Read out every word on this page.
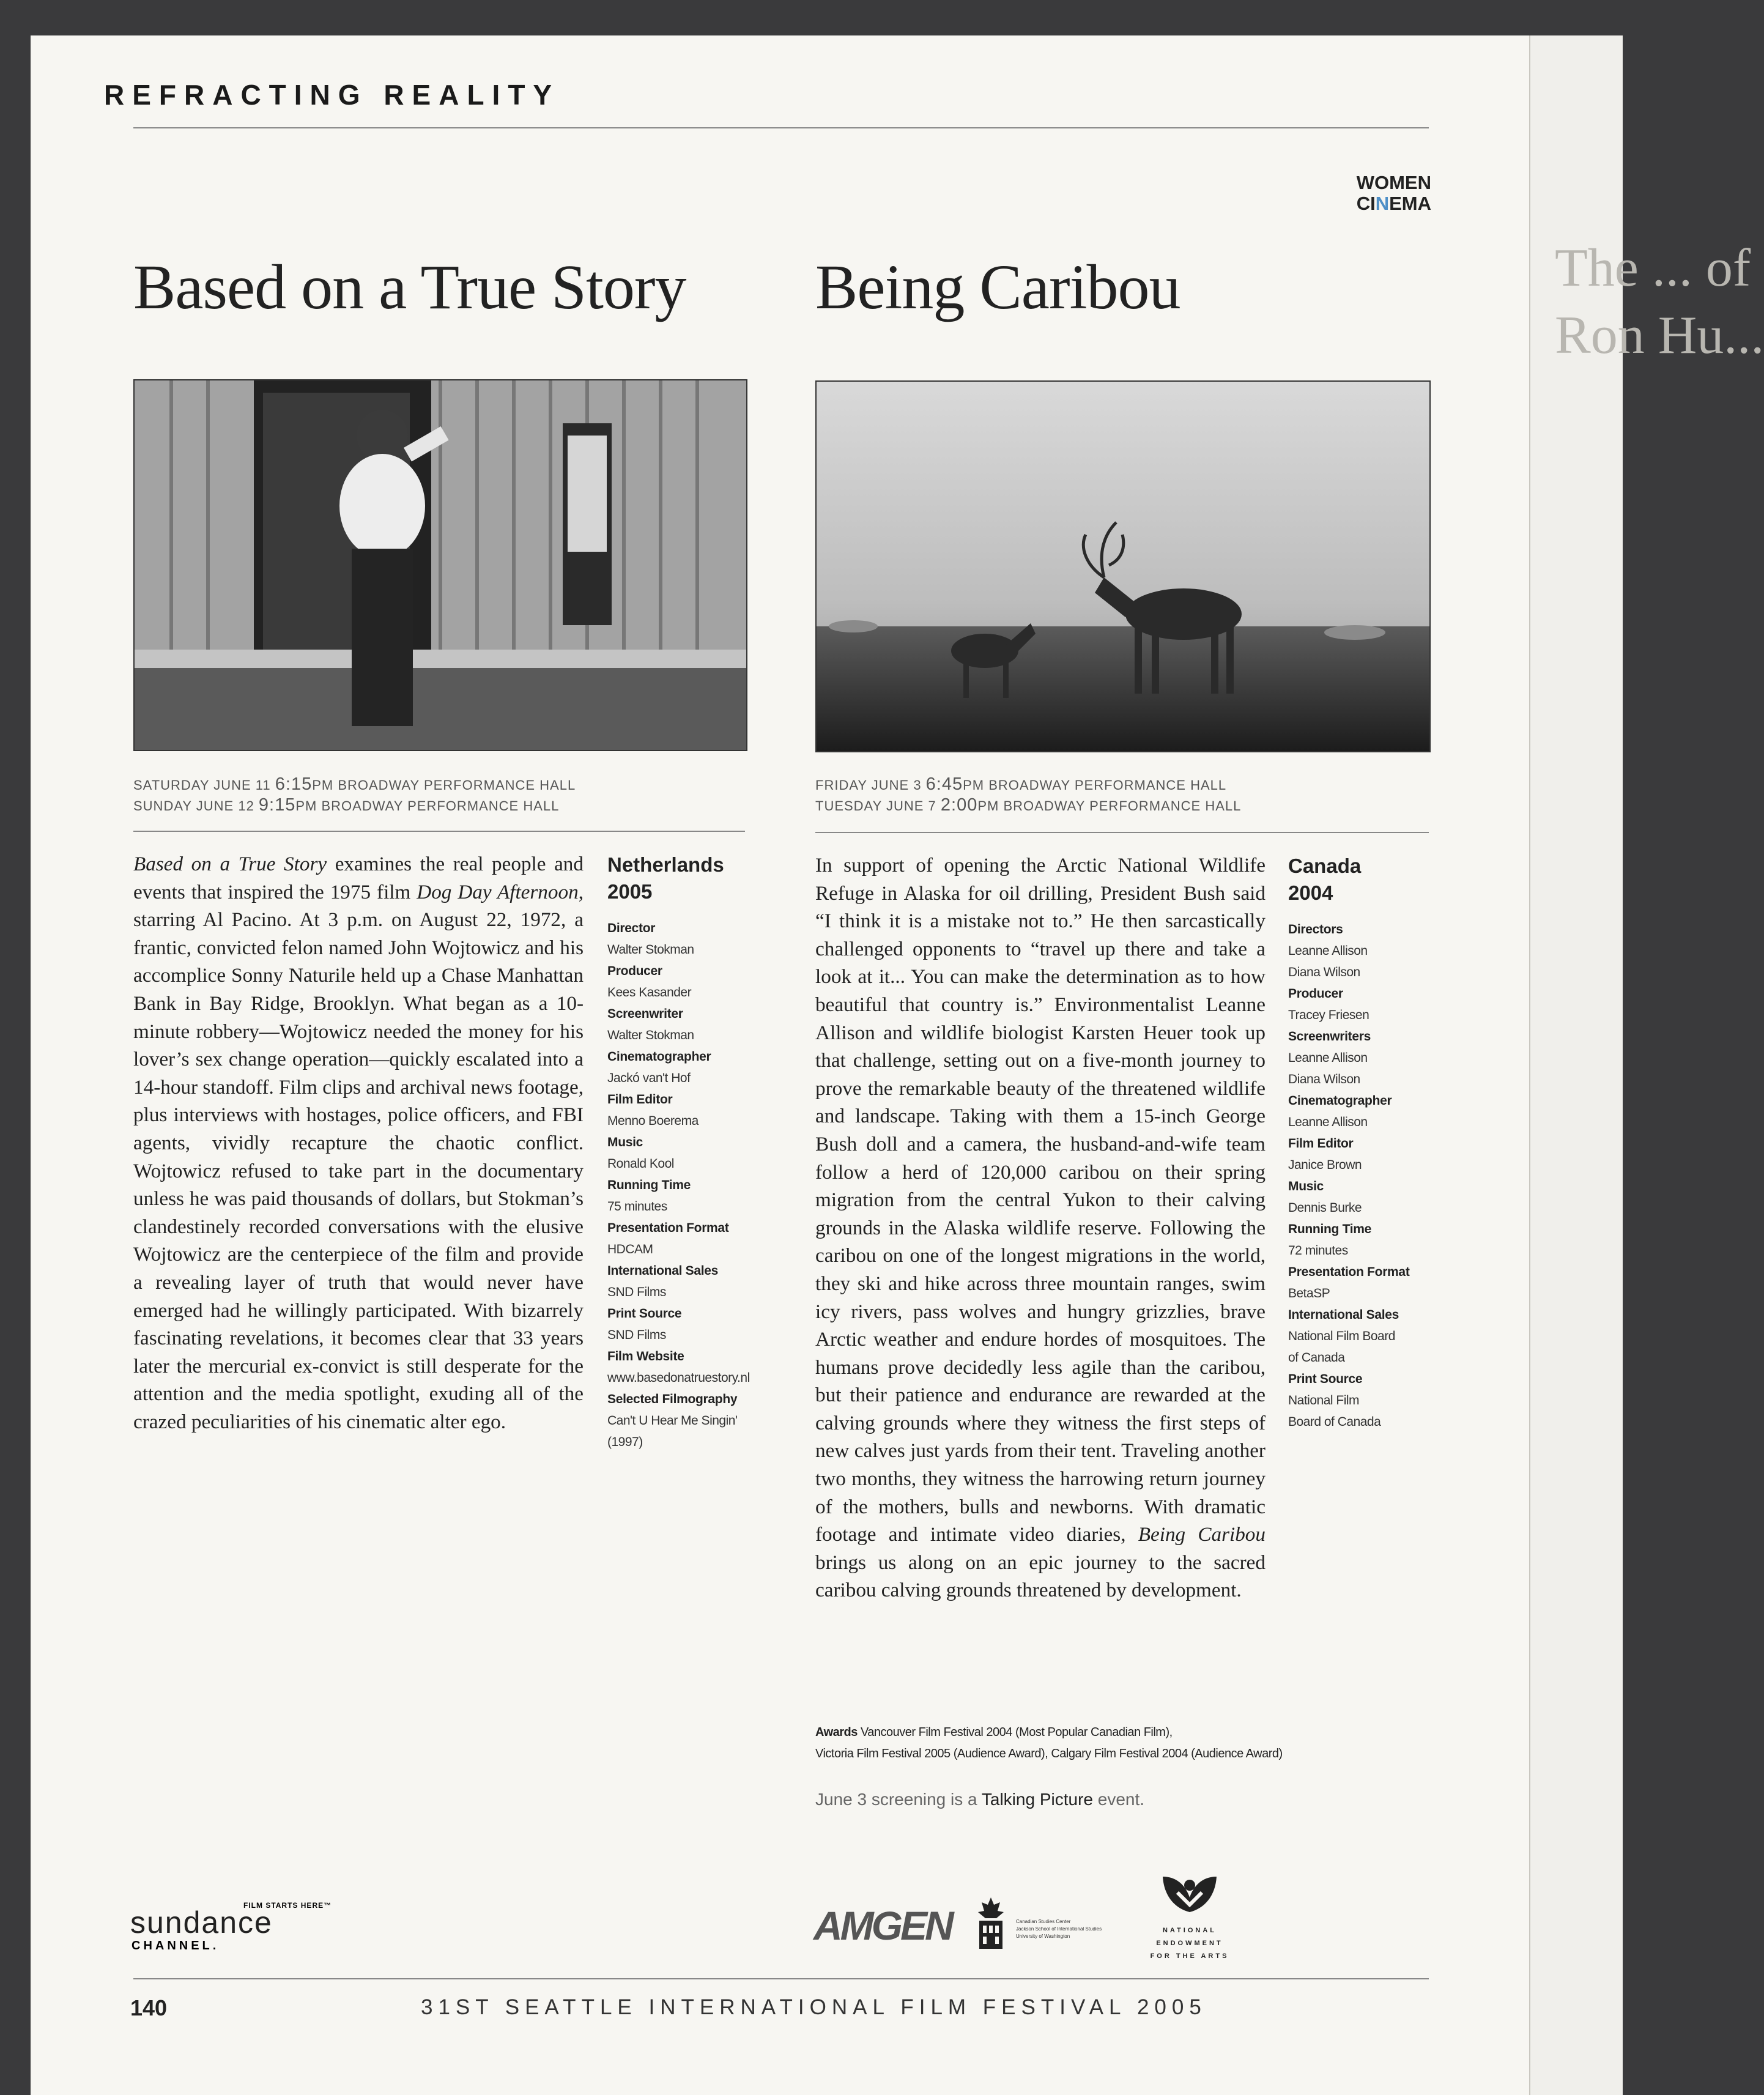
The ... of
Ron Hu...
REFRACTING REALITY
WOMEN
CINEMA
Based on a True Story Being Caribou
SATURDAY JUNE 11 6:15PM BROADWAY PERFORMANCE HALL
SUNDAY JUNE 12 9:15PM BROADWAY PERFORMANCE HALL
FRIDAY JUNE 3 6:45PM BROADWAY PERFORMANCE HALL
TUESDAY JUNE 7 2:00PM BROADWAY PERFORMANCE HALL
Based on a True Story examines the real people and events that inspired the 1975 film Dog Day Afternoon, starring Al Pacino. At 3 p.m. on August 22, 1972, a frantic, convicted felon named John Wojtowicz and his accomplice Sonny Naturile held up a Chase Manhattan Bank in Bay Ridge, Brooklyn. What began as a 10-minute robbery—Wojtowicz needed the money for his lover’s sex change operation—quickly escalated into a 14-hour standoff. Film clips and archival news footage, plus interviews with hostages, police officers, and FBI agents, vividly recapture the chaotic conflict. Wojtowicz refused to take part in the documentary unless he was paid thousands of dollars, but Stokman’s clandestinely recorded conversations with the elusive Wojtowicz are the centerpiece of the film and provide a revealing layer of truth that would never have emerged had he willingly participated. With bizarrely fascinating revelations, it becomes clear that 33 years later the mercurial ex-convict is still desperate for the attention and the media spotlight, exuding all of the crazed peculiarities of his cinematic alter ego.
Netherlands
2005
Director
Walter Stokman
Producer
Kees Kasander
Screenwriter
Walter Stokman
Cinematographer
Jackó van't Hof
Film Editor
Menno Boerema
Music
Ronald Kool
Running Time
75 minutes
Presentation Format
HDCAM
International Sales
SND Films
Print Source
SND Films
Film Website
www.basedonatruestory.nl
Selected Filmography
Can't U Hear Me Singin' (1997)
In support of opening the Arctic National Wildlife Refuge in Alaska for oil drilling, President Bush said “I think it is a mistake not to.” He then sarcastically challenged opponents to “travel up there and take a look at it... You can make the determination as to how beautiful that country is.” Environmentalist Leanne Allison and wildlife biologist Karsten Heuer took up that challenge, setting out on a five-month journey to prove the remarkable beauty of the threatened wildlife and landscape. Taking with them a 15-inch George Bush doll and a camera, the husband-and-wife team follow a herd of 120,000 caribou on their spring migration from the central Yukon to their calving grounds in the Alaska wildlife reserve. Following the caribou on one of the longest migrations in the world, they ski and hike across three mountain ranges, swim icy rivers, pass wolves and hungry grizzlies, brave Arctic weather and endure hordes of mosquitoes. The humans prove decidedly less agile than the caribou, but their patience and endurance are rewarded at the calving grounds where they witness the first steps of new calves just yards from their tent. Traveling another two months, they witness the harrowing return journey of the mothers, bulls and newborns. With dramatic footage and intimate video diaries, Being Caribou brings us along on an epic journey to the sacred caribou calving grounds threatened by development.
Canada
2004
Directors
Leanne Allison
Diana Wilson
Producer
Tracey Friesen
Screenwriters
Leanne Allison
Diana Wilson
Cinematographer
Leanne Allison
Film Editor
Janice Brown
Music
Dennis Burke
Running Time
72 minutes
Presentation Format
BetaSP
International Sales
National Film Board
of Canada
Print Source
National Film
Board of Canada
Awards Vancouver Film Festival 2004 (Most Popular Canadian Film),
Victoria Film Festival 2005 (Audience Award), Calgary Film Festival 2004 (Audience Award)
June 3 screening is a Talking Picture event.
FILM STARTS HERE™
sundance
CHANNEL.	AMGEN	Canadian Studies Center
Jackson School of International Studies
University of Washington
NATIONAL
ENDOWMENT
FOR THE ARTS
140	31ST SEATTLE INTERNATIONAL FILM FESTIVAL 2005
